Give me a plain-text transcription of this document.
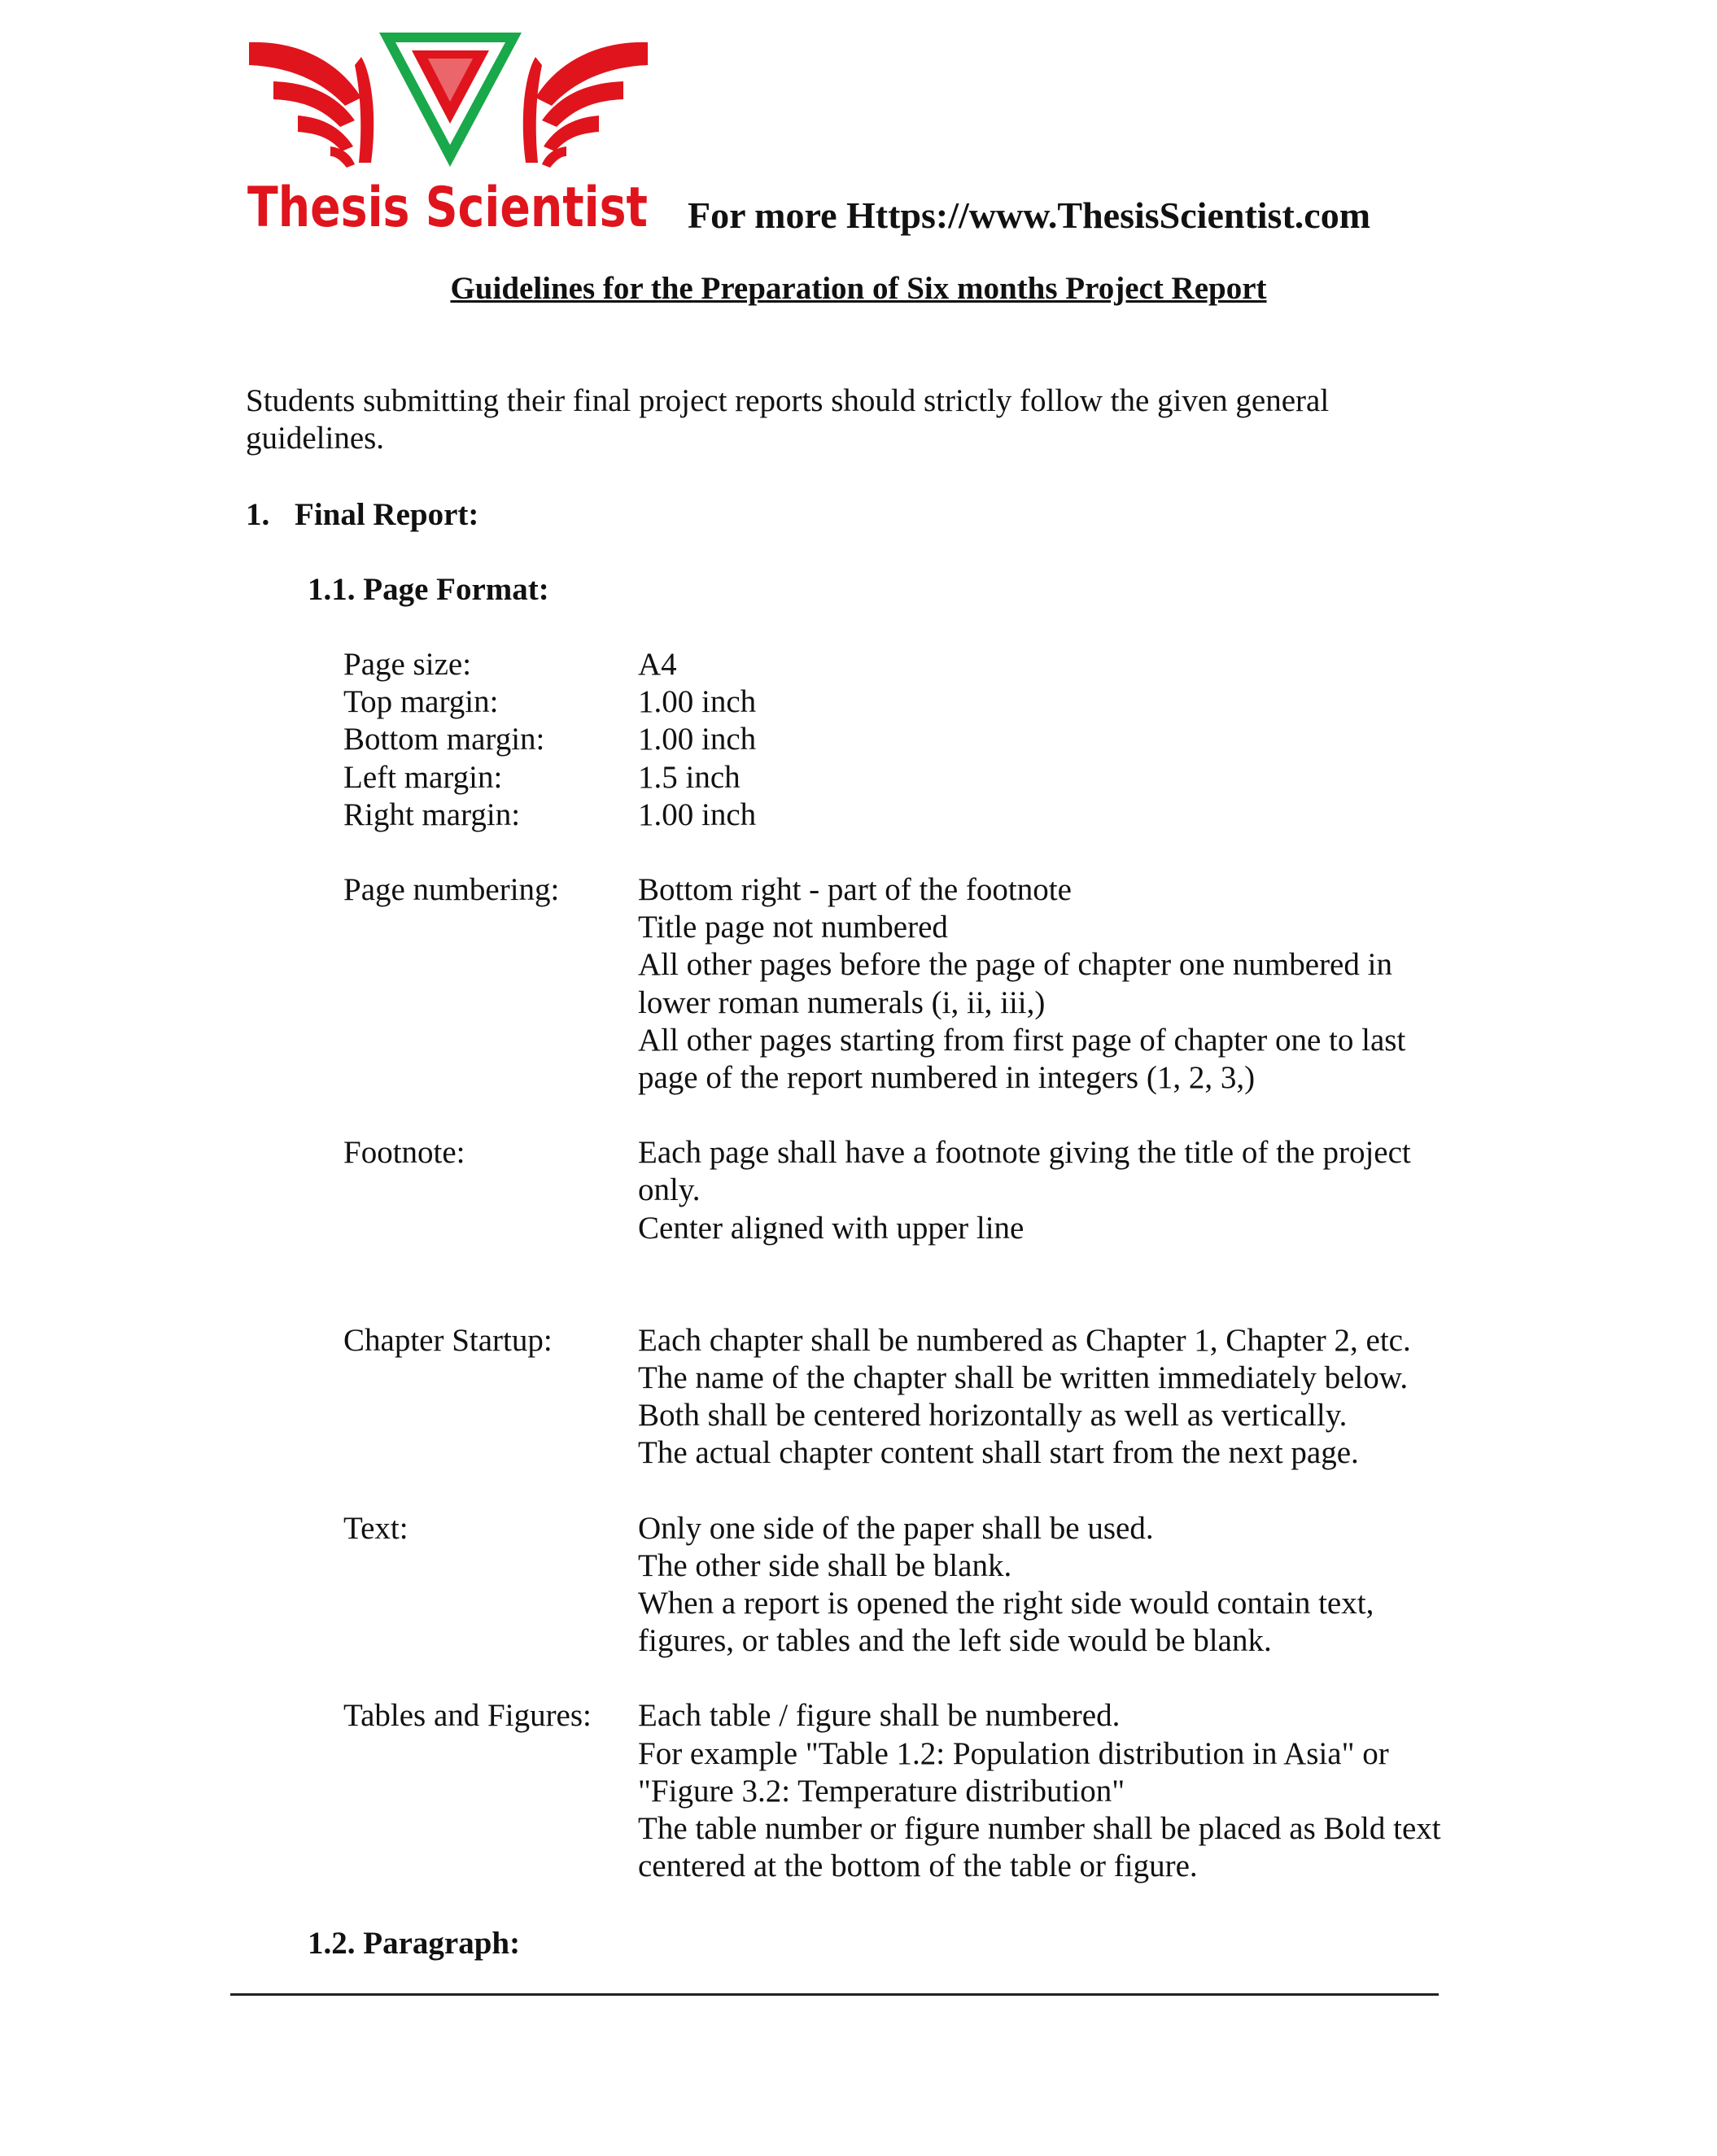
Thesis Scientist For more Https://www.ThesisScientist.com
Guidelines for the Preparation of Six months Project Report
Students submitting their final project reports should strictly follow the given general
guidelines.
1. Final Report:
1.1. Page Format:
Page size:	A4
Top margin:	1.00 inch
Bottom margin:	1.00 inch
Left margin:	1.5 inch
Right margin:	1.00 inch
Page numbering:	Bottom right - part of the footnote
Title page not numbered
All other pages before the page of chapter one numbered in
lower roman numerals (i, ii, iii,)
All other pages starting from first page of chapter one to last
page of the report numbered in integers (1, 2, 3,)
Footnote:	Each page shall have a footnote giving the title of the project
only.
Center aligned with upper line
Chapter Startup:	Each chapter shall be numbered as Chapter 1, Chapter 2, etc.
The name of the chapter shall be written immediately below.
Both shall be centered horizontally as well as vertically.
The actual chapter content shall start from the next page.
Text:	Only one side of the paper shall be used.
The other side shall be blank.
When a report is opened the right side would contain text,
figures, or tables and the left side would be blank.
Tables and Figures:	Each table / figure shall be numbered.
For example "Table 1.2: Population distribution in Asia" or
"Figure 3.2: Temperature distribution"
The table number or figure number shall be placed as Bold text
centered at the bottom of the table or figure.
1.2. Paragraph:
